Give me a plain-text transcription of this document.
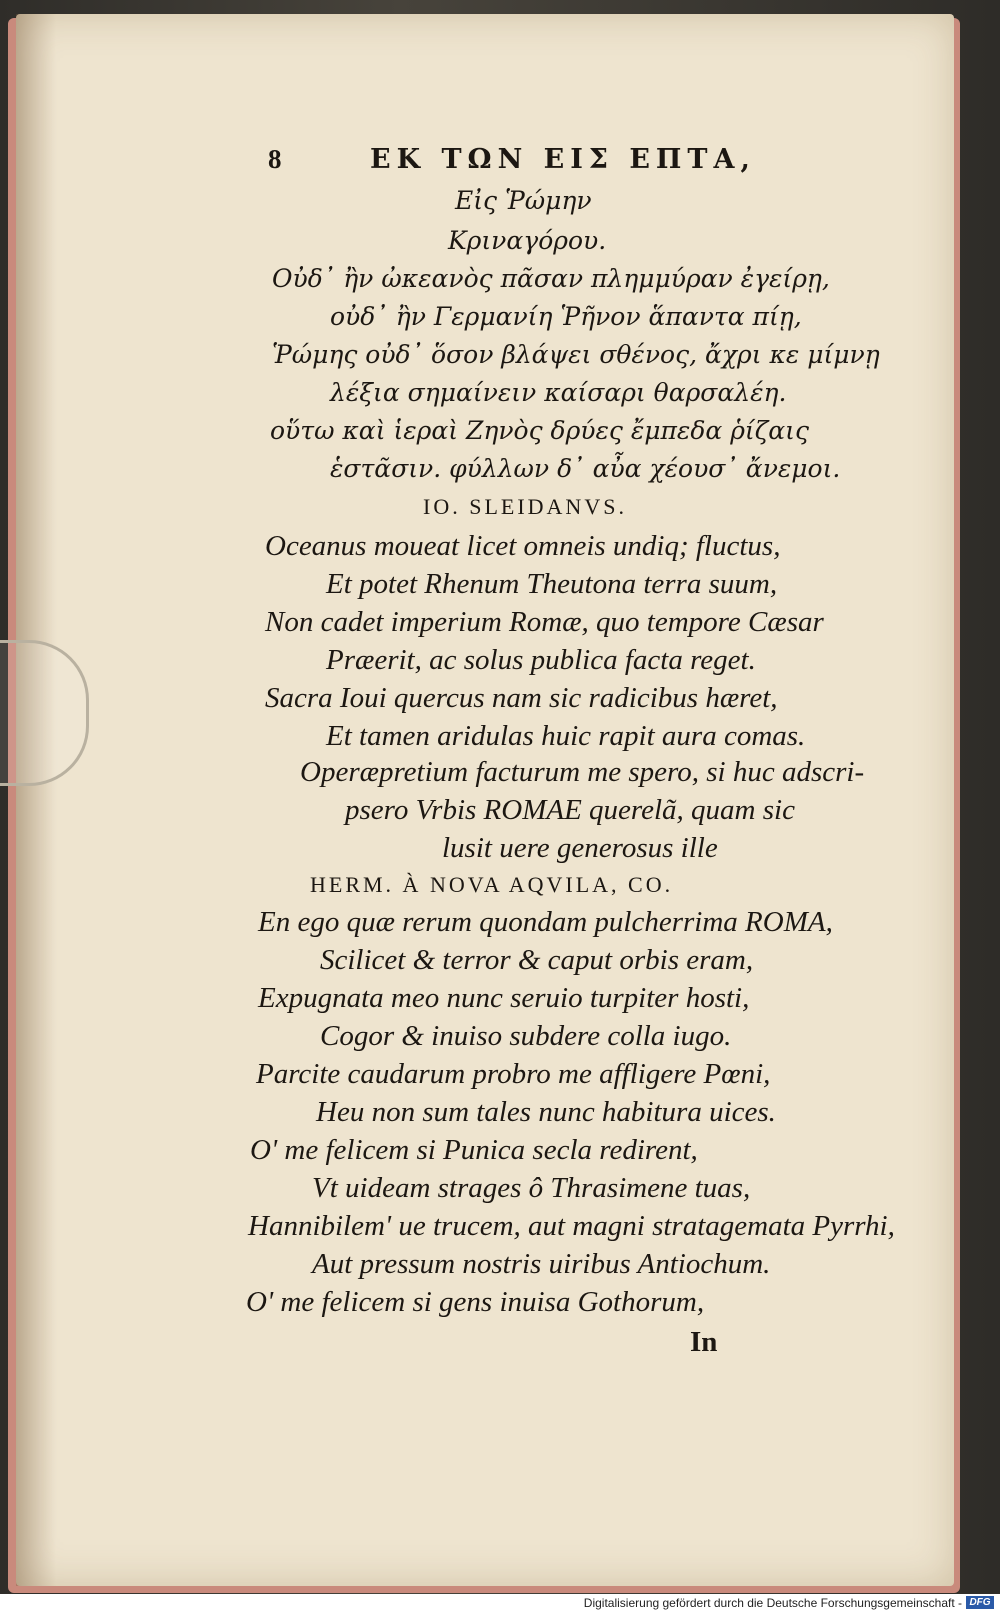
8	ΕΚ ΤΩΝ ΕΙΣ ΕΠΤΑ,
Εἰς Ῥώμην
Κριναγόρου.
Οὐδ᾽ ἢν ὠκεανὸς πᾶσαν πλημμύραν ἐγείρῃ,
οὐδ᾽ ἢν Γερμανίη Ῥῆνον ἅπαντα πίῃ,
Ῥώμης οὐδ᾽ ὅσον βλάψει σθένος, ἄχρι κε μίμνῃ
λέξια σημαίνειν καίσαρι θαρσαλέη.
οὕτω καὶ ἱεραὶ Ζηνὸς δρύες ἔμπεδα ῥίζαις
ἑστᾶσιν. φύλλων δ᾽ αὖα χέουσ᾽ ἄνεμοι.
IO. SLEIDANVS.
Oceanus moueat licet omneis undiq; fluctus,
Et potet Rhenum Theutona terra suum,
Non cadet imperium Romæ, quo tempore Cæsar
Præerit, ac solus publica facta reget.
Sacra Ioui quercus nam sic radicibus hæret,
Et tamen aridulas huic rapit aura comas.
Operæpretium facturum me spero, si huc adscri-
psero Vrbis ROMAE querelã, quam sic
lusit uere generosus ille
HERM. À NOVA AQVILA, CO.
En ego quæ rerum quondam pulcherrima ROMA,
Scilicet & terror & caput orbis eram,
Expugnata meo nunc seruio turpiter hosti,
Cogor & inuiso subdere colla iugo.
Parcite caudarum probro me affligere Pœni,
Heu non sum tales nunc habitura uices.
O' me felicem si Punica secla redirent,
Vt uideam strages ô Thrasimene tuas,
Hannibilem' ue trucem, aut magni stratagemata Pyrrhi,
Aut pressum nostris uiribus Antiochum.
O' me felicem si gens inuisa Gothorum,
In
Digitalisierung gefördert durch die Deutsche Forschungsgemeinschaft - DFG
